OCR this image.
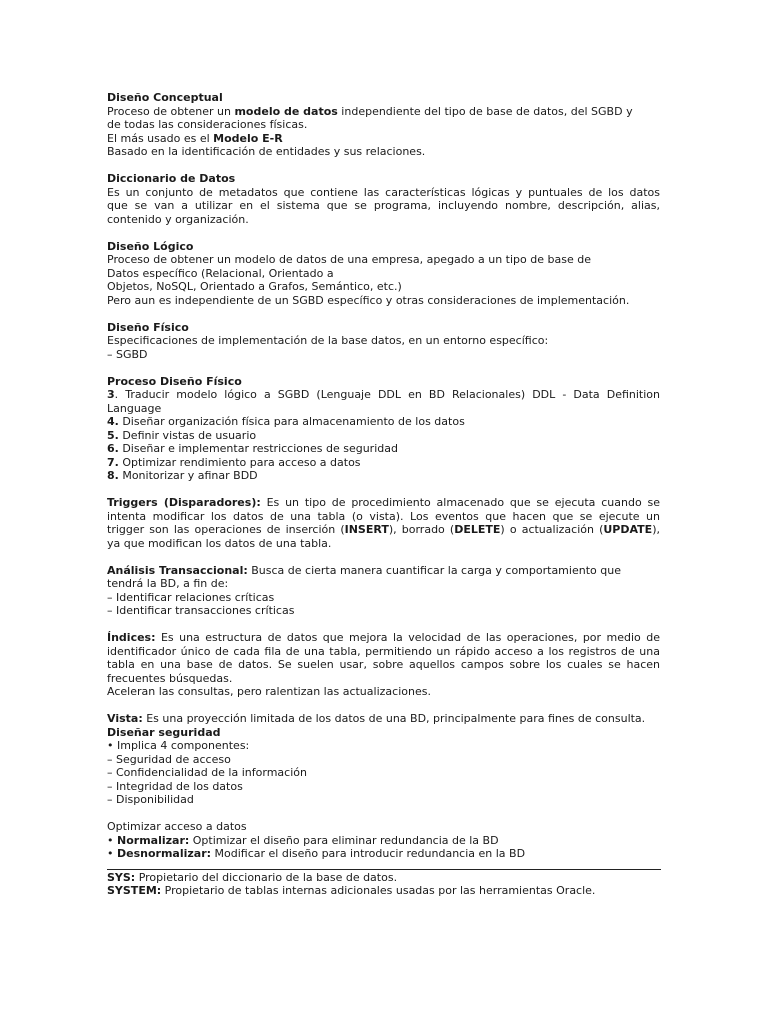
Diseño Conceptual
Proceso de obtener un modelo de datos independiente del tipo de base de datos, del SGBD y
de todas las consideraciones físicas.
El más usado es el Modelo E-R
Basado en la identificación de entidades y sus relaciones.
Diccionario de Datos
Es un conjunto de metadatos que contiene las características lógicas y puntuales de los datos
que se van a utilizar en el sistema que se programa, incluyendo nombre, descripción, alias,
contenido y organización.
Diseño Lógico
Proceso de obtener un modelo de datos de una empresa, apegado a un tipo de base de
Datos específico (Relacional, Orientado a
Objetos, NoSQL, Orientado a Grafos, Semántico, etc.)
Pero aun es independiente de un SGBD específico y otras consideraciones de implementación.
Diseño Físico
Especificaciones de implementación de la base datos, en un entorno específico:
– SGBD
Proceso Diseño Físico
3. Traducir modelo lógico a SGBD (Lenguaje DDL en BD Relacionales) DDL - Data Definition
Language
4. Diseñar organización física para almacenamiento de los datos
5. Definir vistas de usuario
6. Diseñar e implementar restricciones de seguridad
7. Optimizar rendimiento para acceso a datos
8. Monitorizar y afinar BDD
Triggers (Disparadores): Es un tipo de procedimiento almacenado que se ejecuta cuando se
intenta modificar los datos de una tabla (o vista). Los eventos que hacen que se ejecute un
trigger son las operaciones de inserción (INSERT), borrado (DELETE) o actualización (UPDATE),
ya que modifican los datos de una tabla.
Análisis Transaccional: Busca de cierta manera cuantificar la carga y comportamiento que
tendrá la BD, a fin de:
– Identificar relaciones críticas
– Identificar transacciones críticas
Índices: Es una estructura de datos que mejora la velocidad de las operaciones, por medio de
identificador único de cada fila de una tabla, permitiendo un rápido acceso a los registros de una
tabla en una base de datos. Se suelen usar, sobre aquellos campos sobre los cuales se hacen
frecuentes búsquedas.
Aceleran las consultas, pero ralentizan las actualizaciones.
Vista: Es una proyección limitada de los datos de una BD, principalmente para fines de consulta.
Diseñar seguridad
• Implica 4 componentes:
– Seguridad de acceso
– Confidencialidad de la información
– Integridad de los datos
– Disponibilidad
Optimizar acceso a datos
• Normalizar: Optimizar el diseño para eliminar redundancia de la BD
• Desnormalizar: Modificar el diseño para introducir redundancia en la BD
SYS: Propietario del diccionario de la base de datos.
SYSTEM: Propietario de tablas internas adicionales usadas por las herramientas Oracle.
